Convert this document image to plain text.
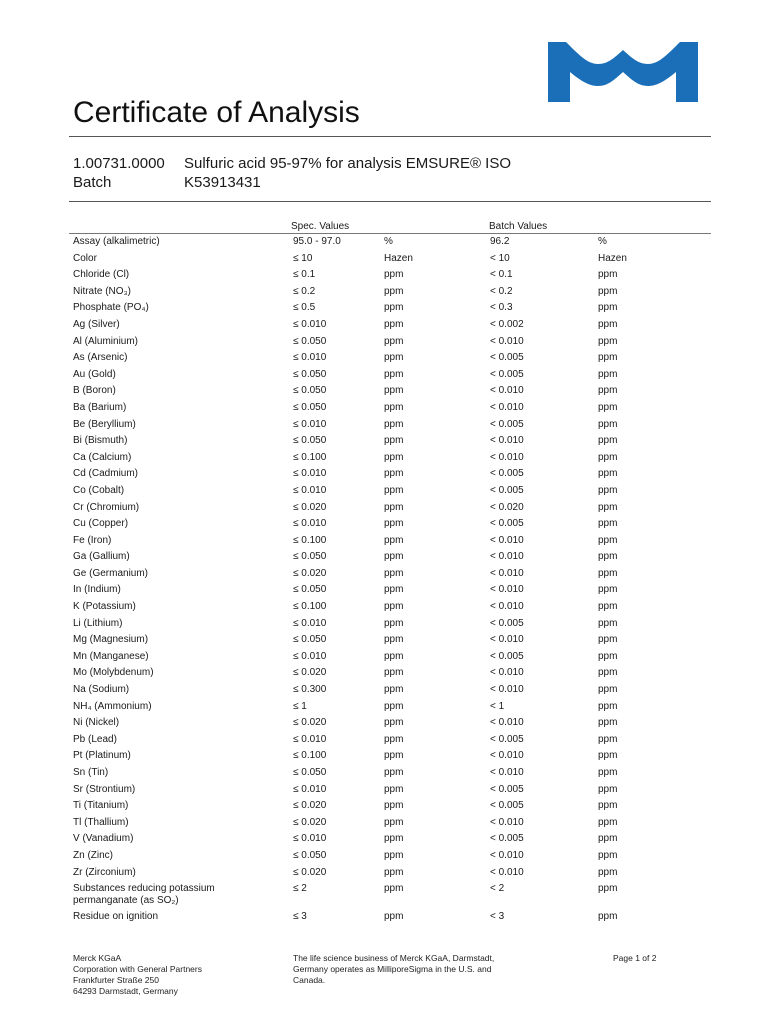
Certificate of Analysis
1.00731.0000 Sulfuric acid 95-97% for analysis EMSURE® ISO
Batch	K53913431
Spec. Values	Batch Values
Assay (alkalimetric)	95.0 - 97.0	%	96.2	%
Color	≤ 10	Hazen	< 10	Hazen
Chloride (Cl)	≤ 0.1	ppm	< 0.1	ppm
Nitrate (NO₃)	≤ 0.2	ppm	< 0.2	ppm
Phosphate (PO₄)	≤ 0.5	ppm	< 0.3	ppm
Ag (Silver)	≤ 0.010	ppm	< 0.002	ppm
Al (Aluminium)	≤ 0.050	ppm	< 0.010	ppm
As (Arsenic)	≤ 0.010	ppm	< 0.005	ppm
Au (Gold)	≤ 0.050	ppm	< 0.005	ppm
B (Boron)	≤ 0.050	ppm	< 0.010	ppm
Ba (Barium)	≤ 0.050	ppm	< 0.010	ppm
Be (Beryllium)	≤ 0.010	ppm	< 0.005	ppm
Bi (Bismuth)	≤ 0.050	ppm	< 0.010	ppm
Ca (Calcium)	≤ 0.100	ppm	< 0.010	ppm
Cd (Cadmium)	≤ 0.010	ppm	< 0.005	ppm
Co (Cobalt)	≤ 0.010	ppm	< 0.005	ppm
Cr (Chromium)	≤ 0.020	ppm	< 0.020	ppm
Cu (Copper)	≤ 0.010	ppm	< 0.005	ppm
Fe (Iron)	≤ 0.100	ppm	< 0.010	ppm
Ga (Gallium)	≤ 0.050	ppm	< 0.010	ppm
Ge (Germanium)	≤ 0.020	ppm	< 0.010	ppm
In (Indium)	≤ 0.050	ppm	< 0.010	ppm
K (Potassium)	≤ 0.100	ppm	< 0.010	ppm
Li (Lithium)	≤ 0.010	ppm	< 0.005	ppm
Mg (Magnesium)	≤ 0.050	ppm	< 0.010	ppm
Mn (Manganese)	≤ 0.010	ppm	< 0.005	ppm
Mo (Molybdenum)	≤ 0.020	ppm	< 0.010	ppm
Na (Sodium)	≤ 0.300	ppm	< 0.010	ppm
NH₄ (Ammonium)	≤ 1	ppm	< 1	ppm
Ni (Nickel)	≤ 0.020	ppm	< 0.010	ppm
Pb (Lead)	≤ 0.010	ppm	< 0.005	ppm
Pt (Platinum)	≤ 0.100	ppm	< 0.010	ppm
Sn (Tin)	≤ 0.050	ppm	< 0.010	ppm
Sr (Strontium)	≤ 0.010	ppm	< 0.005	ppm
Ti (Titanium)	≤ 0.020	ppm	< 0.005	ppm
Tl (Thallium)	≤ 0.020	ppm	< 0.010	ppm
V (Vanadium)	≤ 0.010	ppm	< 0.005	ppm
Zn (Zinc)	≤ 0.050	ppm	< 0.010	ppm
Zr (Zirconium)	≤ 0.020	ppm	< 0.010	ppm
Substances reducing potassium permanganate (as SO₂)
≤ 2	ppm	< 2	ppm
Residue on ignition	≤ 3	ppm	< 3	ppm
Merck KGaA
Corporation with General Partners
Frankfurter Straße 250
64293 Darmstadt, Germany
The life science business of Merck KGaA, Darmstadt,
Germany operates as MilliporeSigma in the U.S. and
Canada.
Page 1 of 2
